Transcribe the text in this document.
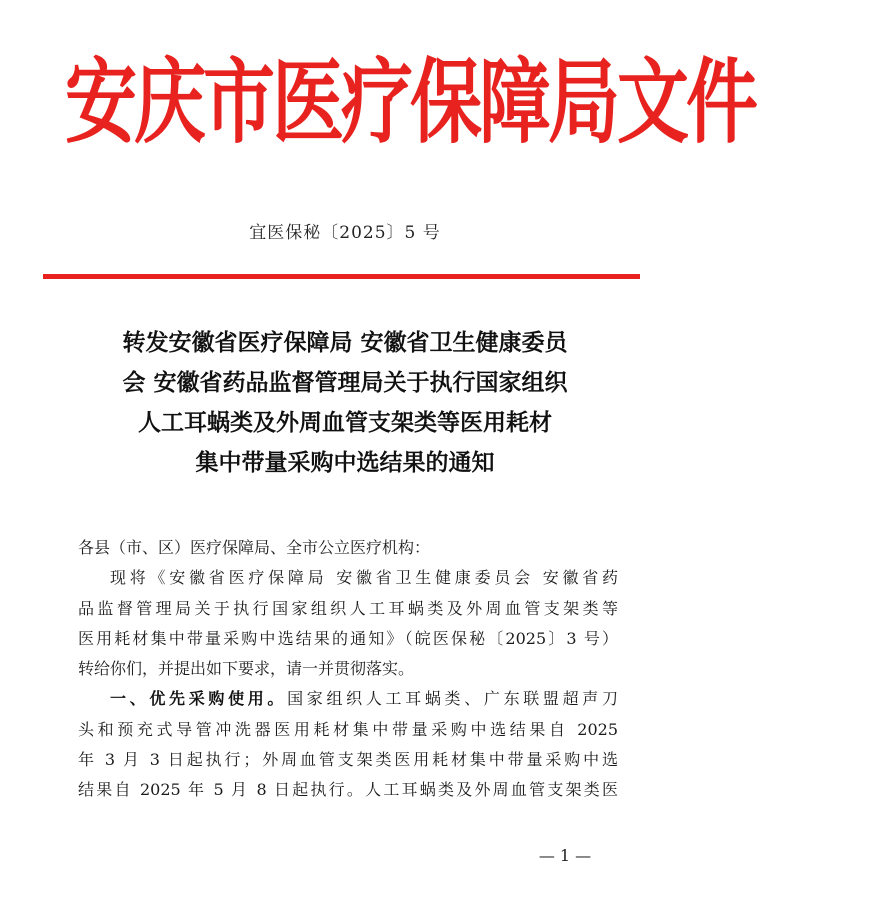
安庆市医疗保障局文件
宜医保秘〔2025〕5 号
转发安徽省医疗保障局 安徽省卫生健康委员
会 安徽省药品监督管理局关于执行国家组织
人工耳蜗类及外周血管支架类等医用耗材
集中带量采购中选结果的通知

各县（市、区）医疗保障局、全市公立医疗机构：

现将《安徽省医疗保障局 安徽省卫生健康委员会 安徽省药

品监督管理局关于执行国家组织人工耳蜗类及外周血管支架类等

医用耗材集中带量采购中选结果的通知》（皖医保秘〔2025〕3 号）

转给你们，并提出如下要求，请一并贯彻落实。

一、优先采购使用。国家组织人工耳蜗类、广东联盟超声刀

头和预充式导管冲洗器医用耗材集中带量采购中选结果自 2025

年 3 月 3 日起执行；外周血管支架类医用耗材集中带量采购中选

结果自 2025 年 5 月 8 日起执行。人工耳蜗类及外周血管支架类医

— 1 —
